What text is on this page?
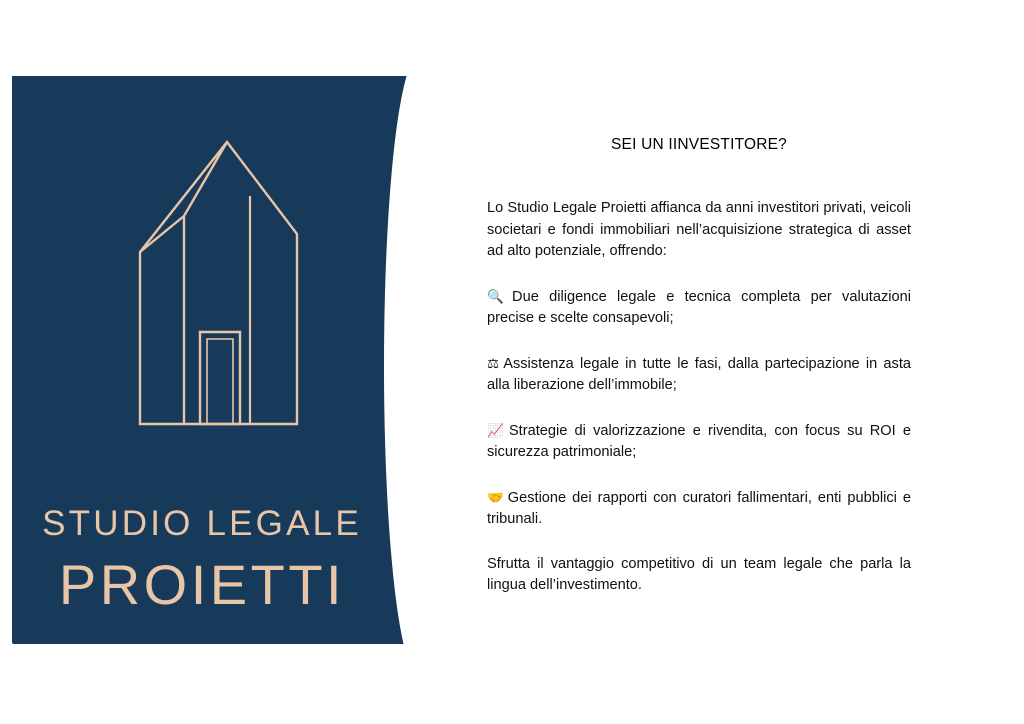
STUDIO LEGALE
PROIETTI
SEI UN IINVESTITORE?

Lo Studio Legale Proietti affianca da anni investitori privati, veicoli societari e fondi immobiliari nell’acquisizione strategica di asset ad alto potenziale, offrendo:

🔍 Due diligence legale e tecnica completa per valutazioni precise e scelte consapevoli;

⚖ Assistenza legale in tutte le fasi, dalla partecipazione in asta alla liberazione dell’immobile;

📈 Strategie di valorizzazione e rivendita, con focus su ROI e sicurezza patrimoniale;

🤝 Gestione dei rapporti con curatori fallimentari, enti pubblici e tribunali.

Sfrutta il vantaggio competitivo di un team legale che parla la lingua dell’investimento.
